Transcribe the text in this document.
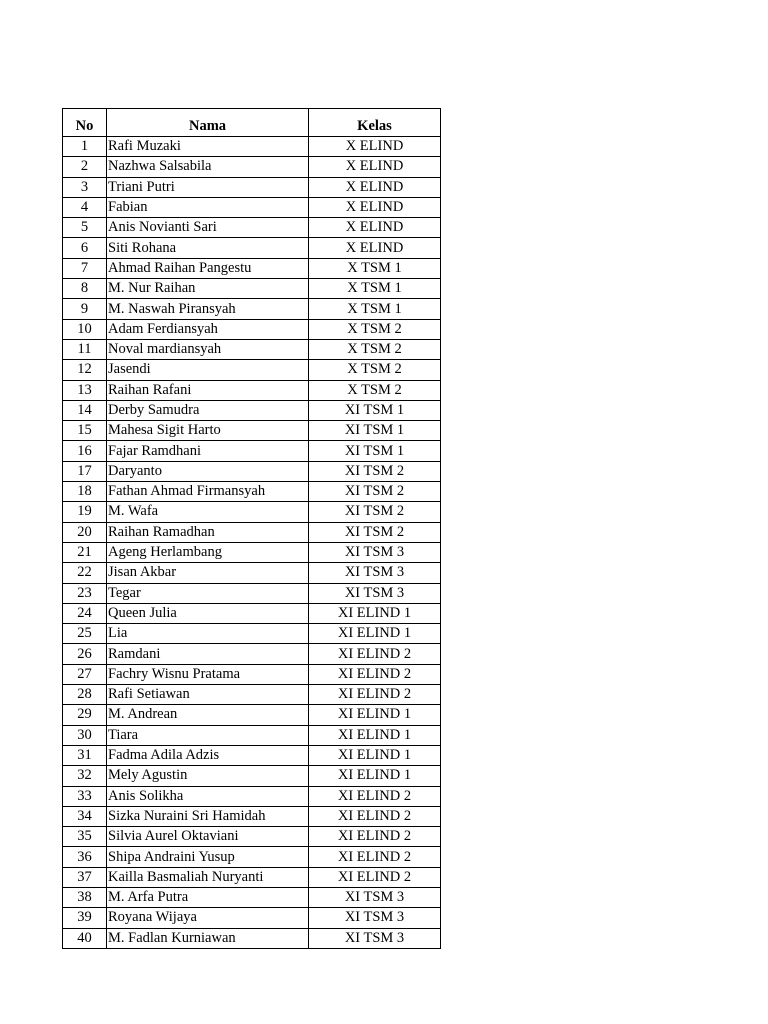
No	Nama	Kelas
1	Rafi Muzaki	X ELIND
2	Nazhwa Salsabila	X ELIND
3	Triani Putri	X ELIND
4	Fabian	X ELIND
5	Anis Novianti Sari	X ELIND
6	Siti Rohana	X ELIND
7	Ahmad Raihan Pangestu	X TSM 1
8	M. Nur Raihan	X TSM 1
9	M. Naswah Piransyah	X TSM 1
10	Adam Ferdiansyah	X TSM 2
11	Noval mardiansyah	X TSM 2
12	Jasendi	X TSM 2
13	Raihan Rafani	X TSM 2
14	Derby Samudra	XI TSM 1
15	Mahesa Sigit Harto	XI TSM 1
16	Fajar Ramdhani	XI TSM 1
17	Daryanto	XI TSM 2
18	Fathan Ahmad Firmansyah	XI TSM 2
19	M. Wafa	XI TSM 2
20	Raihan Ramadhan	XI TSM 2
21	Ageng Herlambang	XI TSM 3
22	Jisan Akbar	XI TSM 3
23	Tegar	XI TSM 3
24	Queen Julia	XI ELIND 1
25	Lia	XI ELIND 1
26	Ramdani	XI ELIND 2
27	Fachry Wisnu Pratama	XI ELIND 2
28	Rafi Setiawan	XI ELIND 2
29	M. Andrean	XI ELIND 1
30	Tiara	XI ELIND 1
31	Fadma Adila Adzis	XI ELIND 1
32	Mely Agustin	XI ELIND 1
33	Anis Solikha	XI ELIND 2
34	Sizka Nuraini Sri Hamidah	XI ELIND 2
35	Silvia Aurel Oktaviani	XI ELIND 2
36	Shipa Andraini Yusup	XI ELIND 2
37	Kailla Basmaliah Nuryanti	XI ELIND 2
38	M. Arfa Putra	XI TSM 3
39	Royana Wijaya	XI TSM 3
40	M. Fadlan Kurniawan	XI TSM 3
